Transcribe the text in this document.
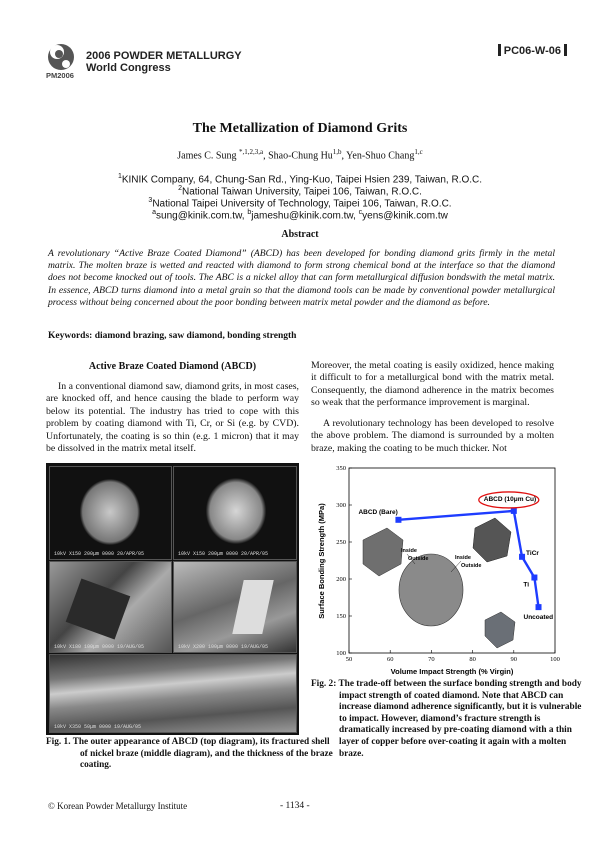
PM2006
2006 POWDER METALLURGY
World Congress
PC06-W-06
The Metallization of Diamond Grits
James C. Sung $^{*,1,2,3,a}$, Shao-Chung Hu$^{1,b}$, Yen-Shuo Chang$^{1,c}$
$^1$KINIK Company, 64, Chung-San Rd., Ying-Kuo, Taipei Hsien 239, Taiwan, R.O.C.
$^2$National Taiwan University, Taipei 106, Taiwan, R.O.C.
$^3$National Taipei University of Technology, Taipei 106, Taiwan, R.O.C.
$^a$sung@kinik.com.tw, $^b$jameshu@kinik.com.tw, $^c$yens@kinik.com.tw
Abstract
A revolutionary “Active Braze Coated Diamond” (ABCD) has been developed for bonding diamond grits firmly in the metal matrix. The molten braze is wetted and reacted with diamond to form strong chemical bond at the interface so that the diamond does not become knocked out of tools. The ABC is a nickel alloy that can form metallurgical diffusion bondswith the metal matrix. In essence, ABCD turns diamond into a metal grain so that the diamond tools can be made by conventional powder metallurgical process without being concerned about the poor bonding between matrix metal powder and the diamond as before.
Keywords: diamond brazing, saw diamond, bonding strength
Active Braze Coated Diamond (ABCD)
In a conventional diamond saw, diamond grits, in most cases, are knocked off, and hence causing the blade to perform way below its potential. The industry has tried to cope with this problem by coating diamond with Ti, Cr, or Si (e.g. by CVD). Unfortunately, the coating is so thin (e.g. 1 micron) that it may be dissolved in the matrix metal itself.
10kV X150 200μm 0000 20/APR/05	10kV X150 200μm 0000 20/APR/05
10kV X180 100μm 0000 19/AUG/05	10kV X200 100μm 0000 19/AUG/05
10kV X350 50μm 0000 19/AUG/05
Fig. 1. The outer appearance of ABCD (top diagram), its fractured shell of nickel braze (middle diagram), and the thickness of the braze coating.
Moreover, the metal coating is easily oxidized, hence making it difficult to for a metallurgical bond with the matrix metal. Consequently, the diamond adherence in the matrix becomes so weak that the performance improvement is marginal.
A revolutionary technology has been developed to resolve the above problem. The diamond is surrounded by a molten braze, making the coating to be much thicker. Not
50	60	70	80	90	100
100
150
200
250
300
350
ABCD (Bare)
ABCD (10μm Cu)
TiCr
Ti
Uncoated
Inside
Outside	Inside
Outside
Surface Bonding Strength (MPa)
Volume Impact Strength (% Virgin)
Fig. 2: The trade-off between the surface bonding strength and body impact strength of coated diamond. Note that ABCD can increase diamond adherence significantly, but it is vulnerable to impact. However, diamond’s fracture strength is dramatically increased by pre-coating diamond with a thin layer of copper before over-coating it again with a molten braze.
© Korean Powder Metallurgy Institute	- 1134 -
